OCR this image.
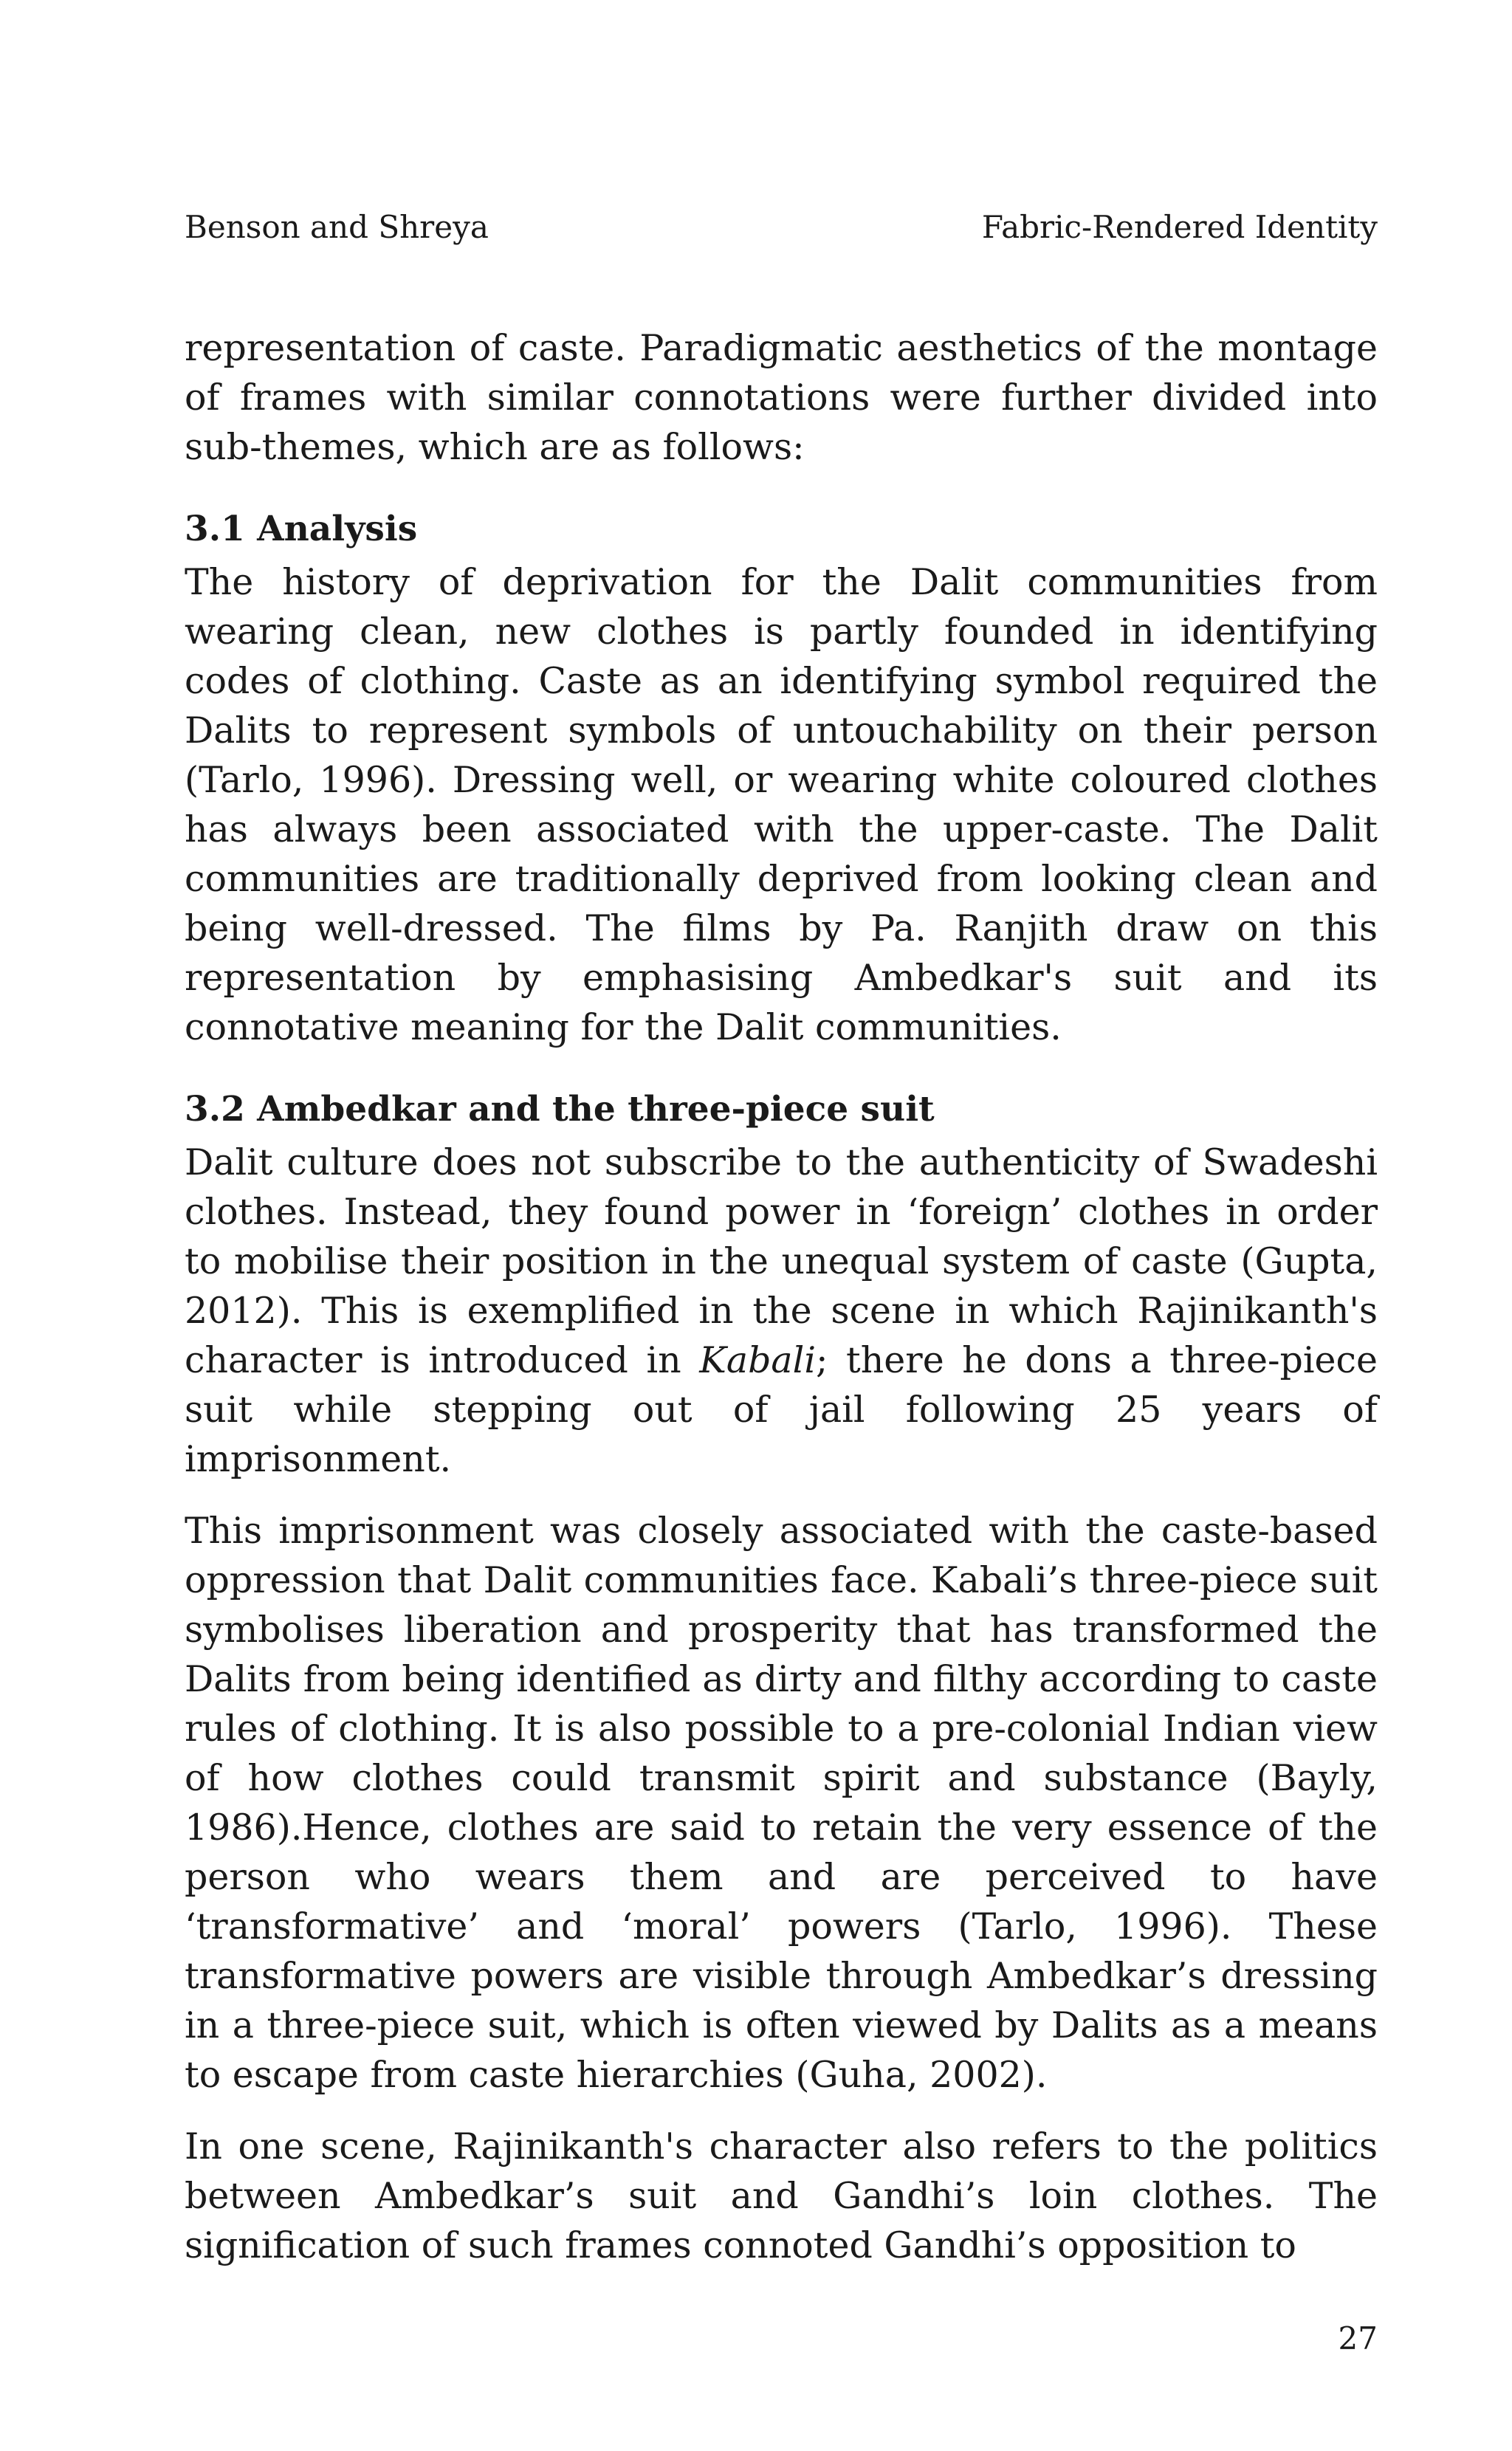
Benson and Shreya	Fabric-Rendered Identity

representation of caste. Paradigmatic aesthetics of the montage of frames with similar connotations were further divided into sub-themes, which are as follows:

3.1 Analysis

The history of deprivation for the Dalit communities from wearing clean, new clothes is partly founded in identifying codes of clothing. Caste as an identifying symbol required the Dalits to represent symbols of untouchability on their person (Tarlo, 1996). Dressing well, or wearing white coloured clothes has always been associated with the upper-caste. The Dalit communities are traditionally deprived from looking clean and being well-dressed. The films by Pa. Ranjith draw on this representation by emphasising Ambedkar's suit and its connotative meaning for the Dalit communities.

3.2 Ambedkar and the three-piece suit

Dalit culture does not subscribe to the authenticity of Swadeshi clothes. Instead, they found power in ‘foreign’ clothes in order to mobilise their position in the unequal system of caste (Gupta, 2012). This is exemplified in the scene in which Rajinikanth's character is introduced in Kabali; there he dons a three-piece suit while stepping out of jail following 25 years of imprisonment.

This imprisonment was closely associated with the caste-based oppression that Dalit communities face. Kabali’s three-piece suit symbolises liberation and prosperity that has transformed the Dalits from being identified as dirty and filthy according to caste rules of clothing. It is also possible to a pre-colonial Indian view of how clothes could transmit spirit and substance (Bayly, 1986).Hence, clothes are said to retain the very essence of the person who wears them and are perceived to have ‘transformative’ and ‘moral’ powers (Tarlo, 1996). These transformative powers are visible through Ambedkar’s dressing in a three-piece suit, which is often viewed by Dalits as a means to escape from caste hierarchies (Guha, 2002).

In one scene, Rajinikanth's character also refers to the politics between Ambedkar’s suit and Gandhi’s loin clothes. The signification of such frames connoted Gandhi’s opposition to

27
